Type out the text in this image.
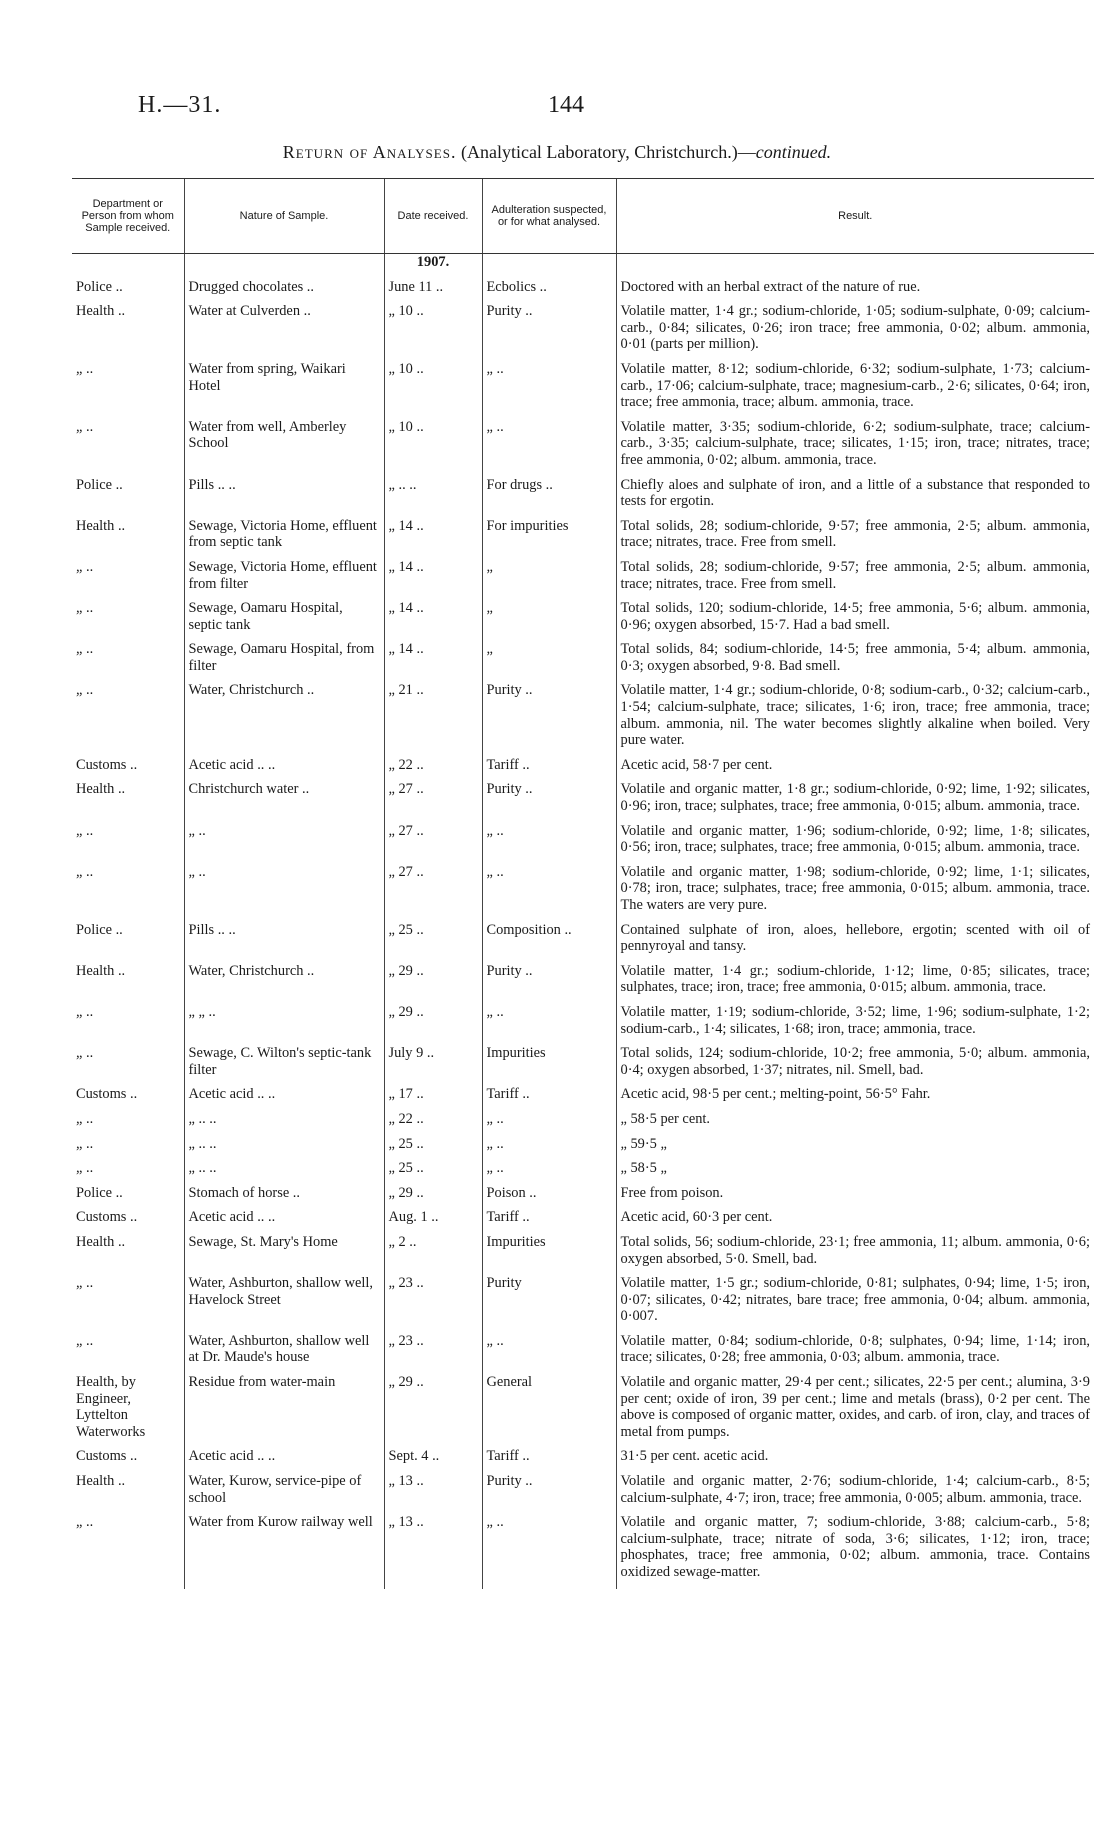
H.—31.	144
Return of Analyses. (Analytical Laboratory, Christchurch.)—continued.
Department or Person from whom Sample received.	Nature of Sample.	Date received.	Adulteration suspected, or for what analysed.	Result.

		1907.		

Police ..	Drugged chocolates ..	June 11 ..	Ecbolics ..	Doctored with an herbal extract of the nature of rue.
Health ..	Water at Culverden ..	„ 10 ..	Purity ..	Volatile matter, 1·4 gr.; sodium-chloride, 1·05; sodium-sulphate, 0·09; calcium-carb., 0·84; silicates, 0·26; iron trace; free ammonia, 0·02; album. ammonia, 0·01 (parts per million).
„ ..	Water from spring, Waikari Hotel	„ 10 ..	„ ..	Volatile matter, 8·12; sodium-chloride, 6·32; sodium-sulphate, 1·73; calcium-carb., 17·06; calcium-sulphate, trace; magnesium-carb., 2·6; silicates, 0·64; iron, trace; free ammonia, trace; album. ammonia, trace.
„ ..	Water from well, Amberley School	„ 10 ..	„ ..	Volatile matter, 3·35; sodium-chloride, 6·2; sodium-sulphate, trace; calcium-carb., 3·35; calcium-sulphate, trace; silicates, 1·15; iron, trace; nitrates, trace; free ammonia, 0·02; album. ammonia, trace.
Police ..	Pills .. ..	„ .. ..	For drugs ..	Chiefly aloes and sulphate of iron, and a little of a substance that responded to tests for ergotin.
Health ..	Sewage, Victoria Home, effluent from septic tank	„ 14 ..	For impurities	Total solids, 28; sodium-chloride, 9·57; free ammonia, 2·5; album. ammonia, trace; nitrates, trace. Free from smell.
„ ..	Sewage, Victoria Home, effluent from filter	„ 14 ..	„	Total solids, 28; sodium-chloride, 9·57; free ammonia, 2·5; album. ammonia, trace; nitrates, trace. Free from smell.
„ ..	Sewage, Oamaru Hospital, septic tank	„ 14 ..	„	Total solids, 120; sodium-chloride, 14·5; free ammonia, 5·6; album. ammonia, 0·96; oxygen absorbed, 15·7. Had a bad smell.
„ ..	Sewage, Oamaru Hospital, from filter	„ 14 ..	„	Total solids, 84; sodium-chloride, 14·5; free ammonia, 5·4; album. ammonia, 0·3; oxygen absorbed, 9·8. Bad smell.
„ ..	Water, Christchurch ..	„ 21 ..	Purity ..	Volatile matter, 1·4 gr.; sodium-chloride, 0·8; sodium-carb., 0·32; calcium-carb., 1·54; calcium-sulphate, trace; silicates, 1·6; iron, trace; free ammonia, trace; album. ammonia, nil. The water becomes slightly alkaline when boiled. Very pure water.
Customs ..	Acetic acid .. ..	„ 22 ..	Tariff ..	Acetic acid, 58·7 per cent.
Health ..	Christchurch water ..	„ 27 ..	Purity ..	Volatile and organic matter, 1·8 gr.; sodium-chloride, 0·92; lime, 1·92; silicates, 0·96; iron, trace; sulphates, trace; free ammonia, 0·015; album. ammonia, trace.
„ ..	„ ..	„ 27 ..	„ ..	Volatile and organic matter, 1·96; sodium-chloride, 0·92; lime, 1·8; silicates, 0·56; iron, trace; sulphates, trace; free ammonia, 0·015; album. ammonia, trace.
„ ..	„ ..	„ 27 ..	„ ..	Volatile and organic matter, 1·98; sodium-chloride, 0·92; lime, 1·1; silicates, 0·78; iron, trace; sulphates, trace; free ammonia, 0·015; album. ammonia, trace. The waters are very pure.
Police ..	Pills .. ..	„ 25 ..	Composition ..	Contained sulphate of iron, aloes, hellebore, ergotin; scented with oil of pennyroyal and tansy.
Health ..	Water, Christchurch ..	„ 29 ..	Purity ..	Volatile matter, 1·4 gr.; sodium-chloride, 1·12; lime, 0·85; silicates, trace; sulphates, trace; iron, trace; free ammonia, 0·015; album. ammonia, trace.
„ ..	„ „ ..	„ 29 ..	„ ..	Volatile matter, 1·19; sodium-chloride, 3·52; lime, 1·96; sodium-sulphate, 1·2; sodium-carb., 1·4; silicates, 1·68; iron, trace; ammonia, trace.
„ ..	Sewage, C. Wilton's septic-tank filter	July 9 ..	Impurities	Total solids, 124; sodium-chloride, 10·2; free ammonia, 5·0; album. ammonia, 0·4; oxygen absorbed, 1·37; nitrates, nil. Smell, bad.
Customs ..	Acetic acid .. ..	„ 17 ..	Tariff ..	Acetic acid, 98·5 per cent.; melting-point, 56·5° Fahr.
„ ..	„ .. ..	„ 22 ..	„ ..	„ 58·5 per cent.
„ ..	„ .. ..	„ 25 ..	„ ..	„ 59·5 „
„ ..	„ .. ..	„ 25 ..	„ ..	„ 58·5 „
Police ..	Stomach of horse ..	„ 29 ..	Poison ..	Free from poison.
Customs ..	Acetic acid .. ..	Aug. 1 ..	Tariff ..	Acetic acid, 60·3 per cent.
Health ..	Sewage, St. Mary's Home	„ 2 ..	Impurities	Total solids, 56; sodium-chloride, 23·1; free ammonia, 11; album. ammonia, 0·6; oxygen absorbed, 5·0. Smell, bad.
„ ..	Water, Ashburton, shallow well, Havelock Street	„ 23 ..	Purity	Volatile matter, 1·5 gr.; sodium-chloride, 0·81; sulphates, 0·94; lime, 1·5; iron, 0·07; silicates, 0·42; nitrates, bare trace; free ammonia, 0·04; album. ammonia, 0·007.
„ ..	Water, Ashburton, shallow well at Dr. Maude's house	„ 23 ..	„ ..	Volatile matter, 0·84; sodium-chloride, 0·8; sulphates, 0·94; lime, 1·14; iron, trace; silicates, 0·28; free ammonia, 0·03; album. ammonia, trace.
Health, by Engineer, Lyttelton Waterworks	Residue from water-main	„ 29 ..	General	Volatile and organic matter, 29·4 per cent.; silicates, 22·5 per cent.; alumina, 3·9 per cent; oxide of iron, 39 per cent.; lime and metals (brass), 0·2 per cent. The above is composed of organic matter, oxides, and carb. of iron, clay, and traces of metal from pumps.
Customs ..	Acetic acid .. ..	Sept. 4 ..	Tariff ..	31·5 per cent. acetic acid.
Health ..	Water, Kurow, service-pipe of school	„ 13 ..	Purity ..	Volatile and organic matter, 2·76; sodium-chloride, 1·4; calcium-carb., 8·5; calcium-sulphate, 4·7; iron, trace; free ammonia, 0·005; album. ammonia, trace.
„ ..	Water from Kurow railway well	„ 13 ..	„ ..	Volatile and organic matter, 7; sodium-chloride, 3·88; calcium-carb., 5·8; calcium-sulphate, trace; nitrate of soda, 3·6; silicates, 1·12; iron, trace; phosphates, trace; free ammonia, 0·02; album. ammonia, trace. Contains oxidized sewage-matter.
